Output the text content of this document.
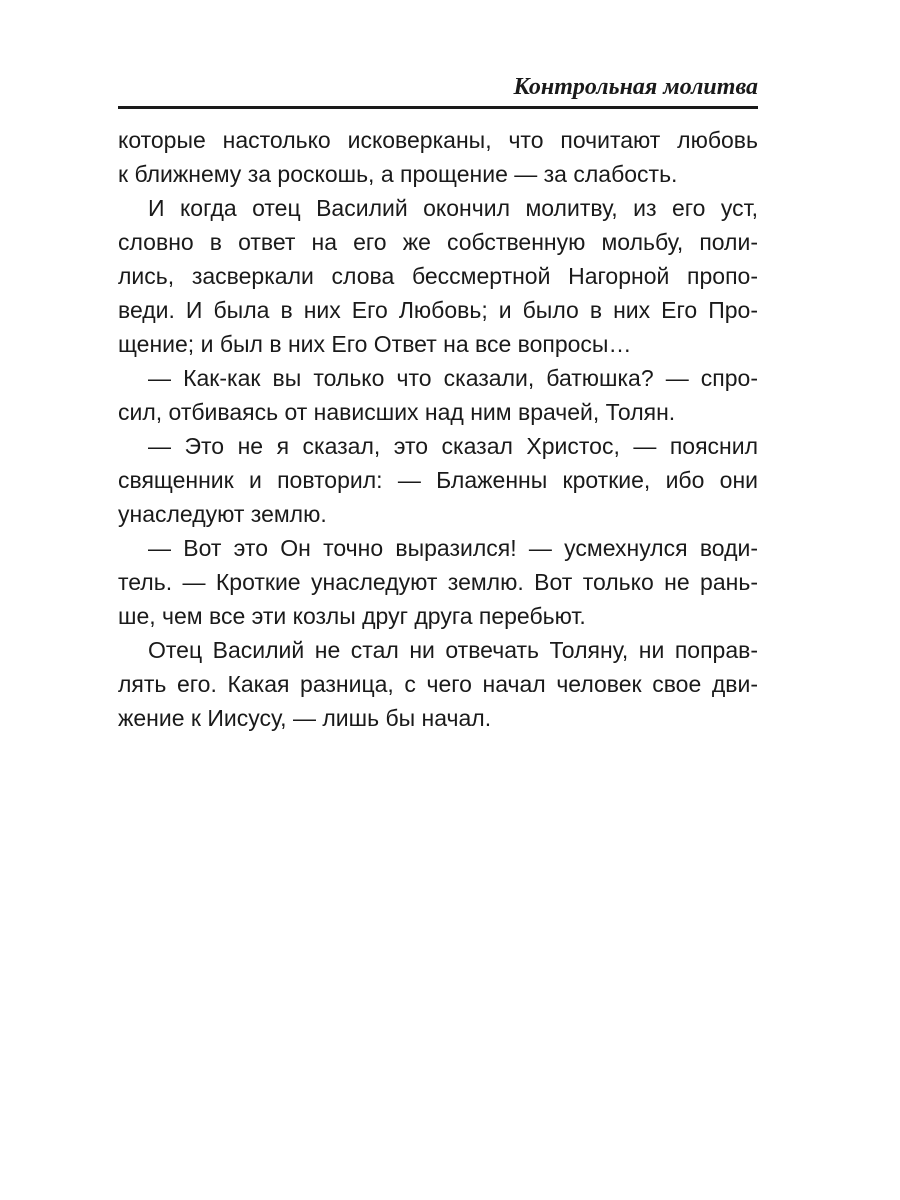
Контрольная молитва

которые настолько исковерканы, что почитают любовь
к ближнему за роскошь, а прощение — за слабость.

И когда отец Василий окончил молитву, из его уст,
словно в ответ на его же собственную мольбу, поли-
лись, засверкали слова бессмертной Нагорной пропо-
веди. И была в них Его Любовь; и было в них Его Про-
щение; и был в них Его Ответ на все вопросы…

— Как-как вы только что сказали, батюшка? — спро-
сил, отбиваясь от нависших над ним врачей, Толян.

— Это не я сказал, это сказал Христос, — пояснил
священник и повторил: — Блаженны кроткие, ибо они
унаследуют землю.

— Вот это Он точно выразился! — усмехнулся води-
тель. — Кроткие унаследуют землю. Вот только не рань-
ше, чем все эти козлы друг друга перебьют.

Отец Василий не стал ни отвечать Толяну, ни поправ-
лять его. Какая разница, с чего начал человек свое дви-
жение к Иисусу, — лишь бы начал.
